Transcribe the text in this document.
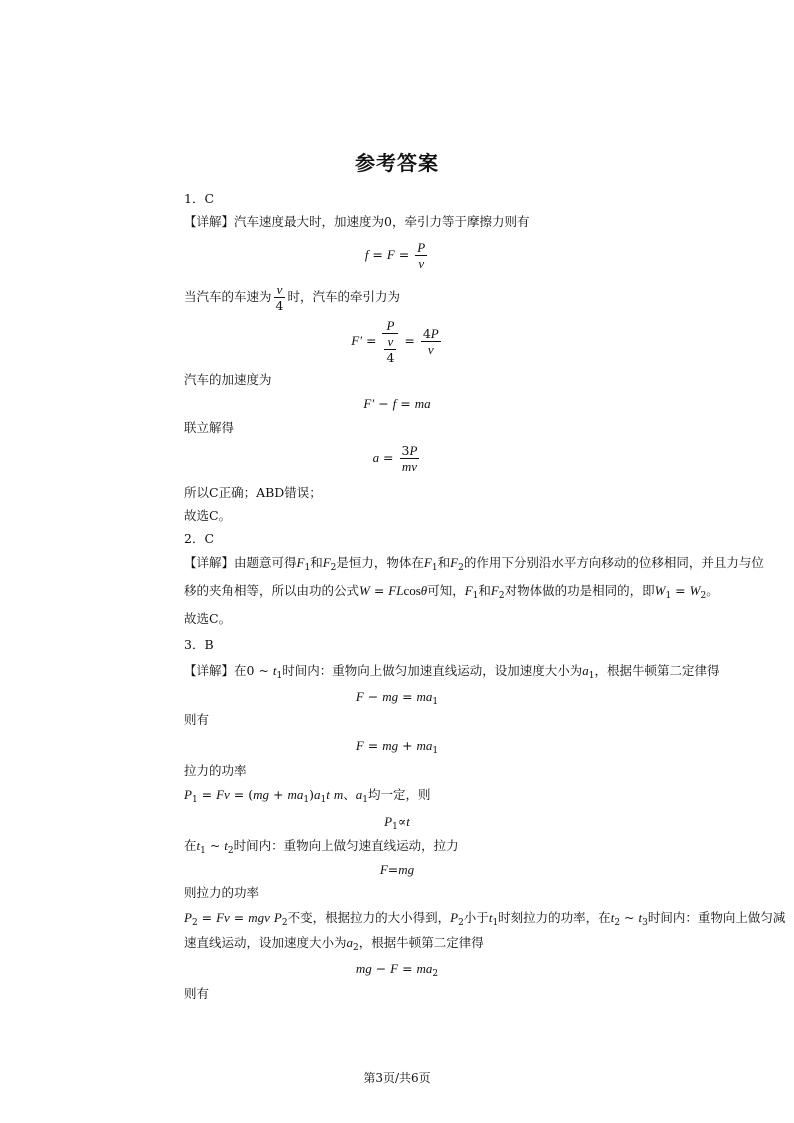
参考答案
1．C
【详解】汽车速度最大时，加速度为0，牵引力等于摩擦力则有
$f = F = \frac{P}{v}$
当汽车的车速为 $\frac{v}{4}$ 时，汽车的牵引力为
$F' = \frac{P}{\frac{v}{4}} = \frac{4P}{v}$
汽车的加速度为
F′ − f = ma
联立解得
$a = \frac{3P}{mv}$
所以C正确；ABD错误；
故选C。
2．C
【详解】由题意可得$F_1$和$F_2$是恒力，物体在$F_1$和$F_2$的作用下分别沿水平方向移动的位移相同，并且力与位
移的夹角相等，所以由功的公式W = FLcosθ可知，$F_1$和$F_2$对物体做的功是相同的，即$W_1 = W_2$。
故选C。
3．B
【详解】在0 ~ $t_1$时间内：重物向上做匀加速直线运动，设加速度大小为$a_1$，根据牛顿第二定律得
F − mg = $ma_1$
则有
F = mg + $ma_1$
拉力的功率
$P_1 = Fv = (mg + ma_1)a_1t$ m、$a_1$均一定，则
$P_1\propto t$
在$t_1$ ~ $t_2$时间内：重物向上做匀速直线运动，拉力
F=mg
则拉力的功率
$P_2 = Fv$ = mgv $P_2$不变，根据拉力的大小得到，$P_2$小于$t_1$时刻拉力的功率，在$t_2$ ~ $t_3$时间内：重物向上做匀减
速直线运动，设加速度大小为$a_2$，根据牛顿第二定律得
mg − $F = ma_2$
则有
第3页/共6页
